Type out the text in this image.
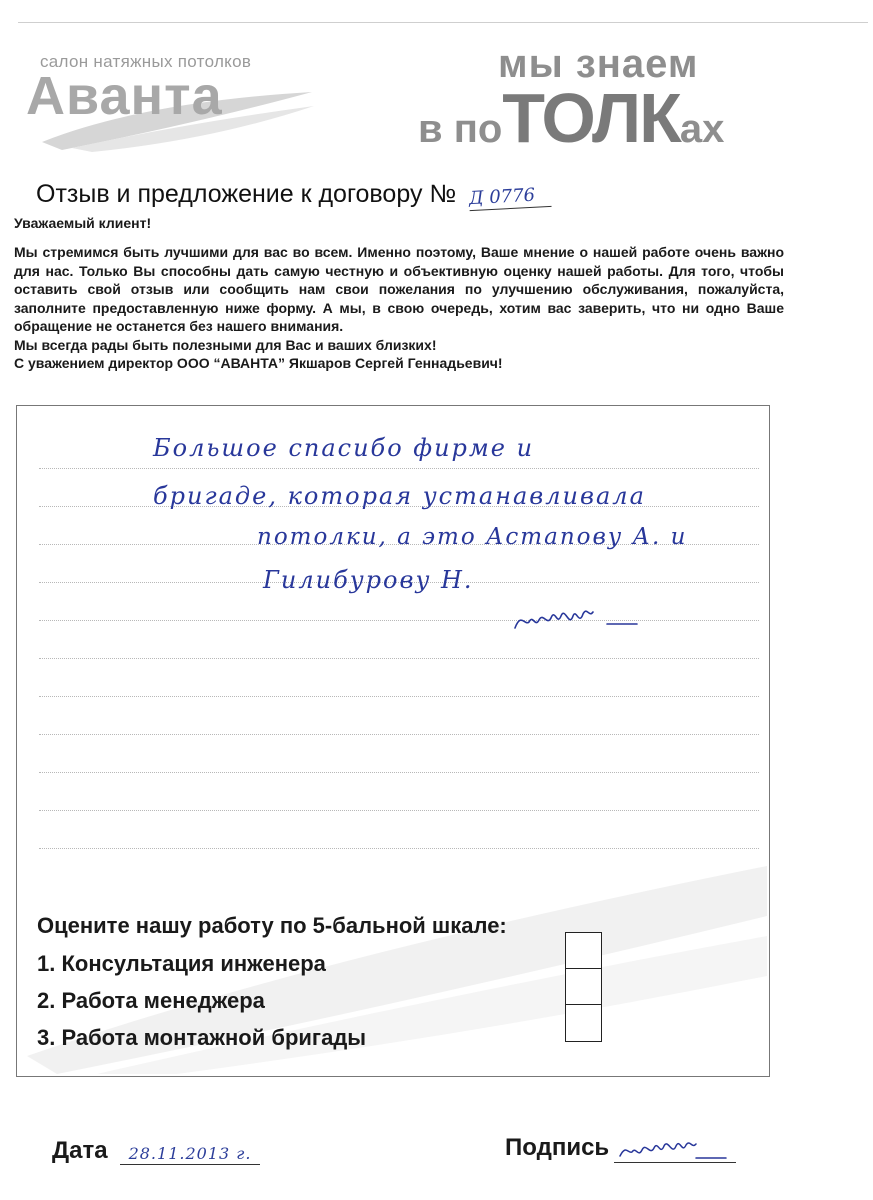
салон натяжных потолков
Аванта
мы знаем
в поТОЛКах
Отзыв и предложение к договору № Д 0776
Уважаемый клиент!

Мы стремимся быть лучшими для вас во всем. Именно поэтому, Ваше мнение о нашей работе очень важно для нас. Только Вы способны дать самую честную и объективную оценку нашей работы. Для того, чтобы оставить свой отзыв или сообщить нам свои пожелания по улучшению обслуживания, пожалуйста, заполните предоставленную ниже форму. А мы, в свою очередь, хотим вас заверить, что ни одно Ваше обращение не останется без нашего внимания.

Мы всегда рады быть полезными для Вас и ваших близких!

С уважением директор ООО “АВАНТА” Якшаров Сергей Геннадьевич!

Большое спасибо фирме и
бригаде, которая устанавливала
потолки, а это Астапову А. и
Гилибурову Н.
Оцените нашу работу по 5-бальной шкале:
1. Консультация инженера
2. Работа менеджера
3. Работа монтажной бригады
Дата	28.11.2013 г.	Подпись
